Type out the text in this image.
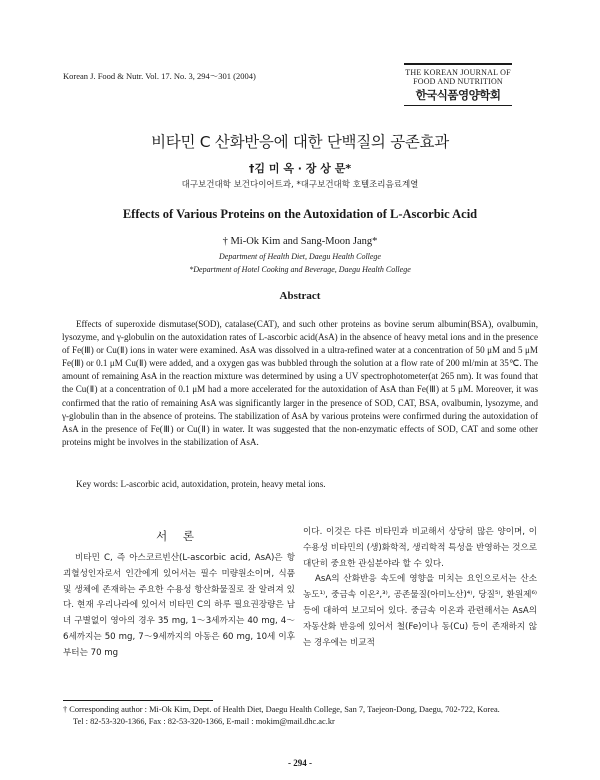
Korean J. Food & Nutr. Vol. 17. No. 3, 294～301 (2004)	THE KOREAN JOURNAL OF
FOOD AND NUTRITION
한국식품영양학회
비타민 C 산화반응에 대한 단백질의 공존효과
†김 미 옥 · 장 상 문*
대구보건대학 보건다이어트과, *대구보건대학 호텔조리음료계열
Effects of Various Proteins on the Autoxidation of L-Ascorbic Acid
† Mi-Ok Kim and Sang-Moon Jang*
Department of Health Diet, Daegu Health College
*Department of Hotel Cooking and Beverage, Daegu Health College
Abstract

Effects of superoxide dismutase(SOD), catalase(CAT), and such other proteins as bovine serum albumin(BSA), ovalbumin, lysozyme, and γ-globulin on the autoxidation rates of L-ascorbic acid(AsA) in the absence of heavy metal ions and in the presence of Fe(Ⅲ) or Cu(Ⅱ) ions in water were examined. AsA was dissolved in a ultra-refined water at a concentration of 50 μM and 5 μM Fe(Ⅲ) or 0.1 μM Cu(Ⅱ) were added, and a oxygen gas was bubbled through the solution at a flow rate of 200 ml/min at 35℃. The amount of remaining AsA in the reaction mixture was determined by using a UV spectrophotometer(at 265 nm). It was found that the Cu(Ⅱ) at a concentration of 0.1 μM had a more accelerated for the autoxidation of AsA than Fe(Ⅲ) at 5 μM. Moreover, it was confirmed that the ratio of remaining AsA was significantly larger in the presence of SOD, CAT, BSA, ovalbumin, lysozyme, and γ-globulin than in the absence of proteins. The stabilization of AsA by various proteins were confirmed during the autoxidation of AsA in the presence of Fe(Ⅲ) or Cu(Ⅱ) in water. It was suggested that the non-enzymatic effects of SOD, CAT and some other proteins might be involves in the stabilization of AsA.

Key words: L-ascorbic acid, autoxidation, protein, heavy metal ions.
서 론

비타민 C, 즉 아스코르빈산(L-ascorbic acid, AsA)은 항괴혈성인자로서 인간에게 있어서는 필수 미량원소이며, 식품 및 생체에 존재하는 주요한 수용성 항산화물질로 잘 알려져 있다. 현재 우리나라에 있어서 비타민 C의 하루 필요권장량은 남녀 구별없이 영아의 경우 35 mg, 1～3세까지는 40 mg, 4～6세까지는 50 mg, 7～9세까지의 아동은 60 mg, 10세 이후부터는 70 mg

이다. 이것은 다른 비타민과 비교해서 상당히 많은 양이며, 이 수용성 비타민의 (생)화학적, 생리학적 특성을 반영하는 것으로 대단히 중요한 관심분야라 할 수 있다.

AsA의 산화반응 속도에 영향을 미치는 요인으로서는 산소농도¹⁾, 중금속 이온²,³⁾, 공존물질(아미노산)⁴⁾, 당질⁵⁾, 환원제⁶⁾ 등에 대하여 보고되어 있다. 중금속 이온과 관련해서는 AsA의 자동산화 반응에 있어서 철(Fe)이나 동(Cu) 등이 존재하지 않는 경우에는 비교적

† Corresponding author : Mi-Ok Kim, Dept. of Health Diet, Daegu Health College, San 7, Taejeon-Dong, Daegu, 702-722, Korea.
Tel : 82-53-320-1366, Fax : 82-53-320-1366, E-mail : mokim@mail.dhc.ac.kr
- 294 -
